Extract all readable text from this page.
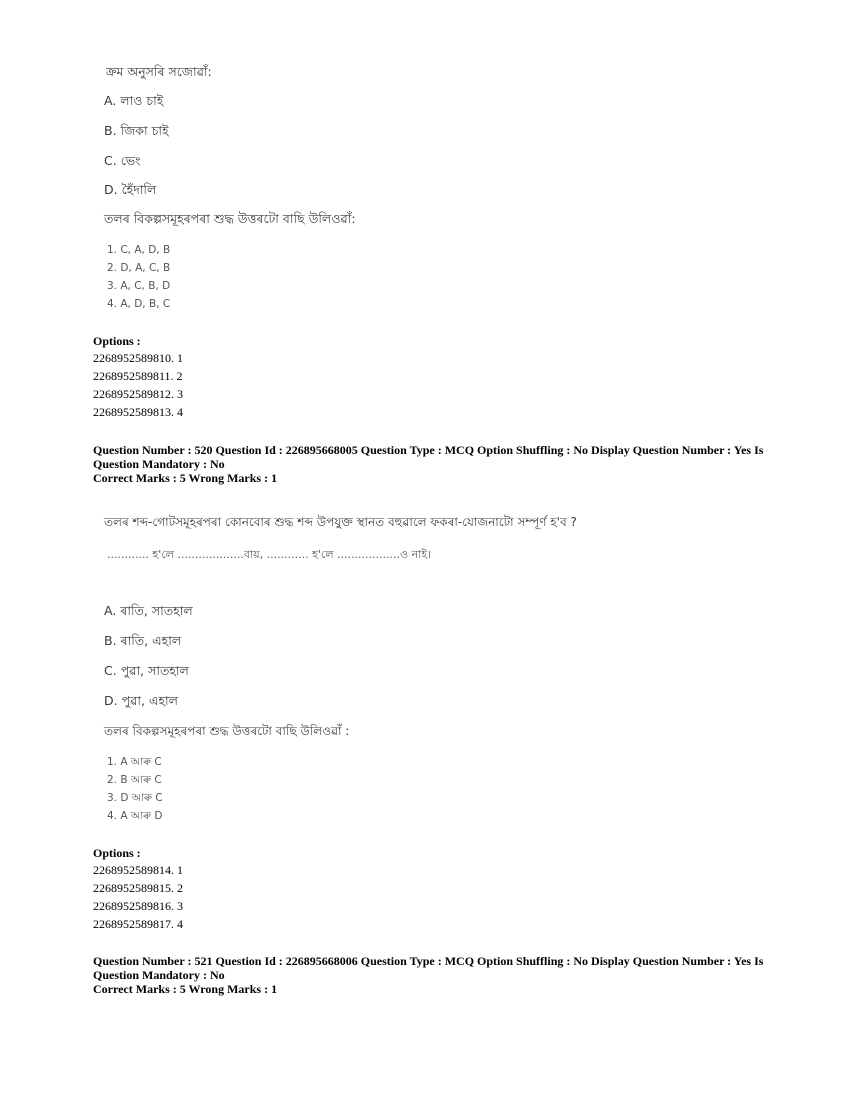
ক্ৰম অনুসৰি সজোৱাঁ:
A. লাও চাই
B. জিকা চাই
C. ভেং
D. হৈঁদালি
তলৰ বিকল্পসমূহৰপৰা শুদ্ধ উত্তৰটো বাছি উলিওৱাঁ:
1. C, A, D, B
2. D, A, C, B
3. A, C, B, D
4. A, D, B, C
Options :
2268952589810. 1
2268952589811. 2
2268952589812. 3
2268952589813. 4
Question Number : 520 Question Id : 226895668005 Question Type : MCQ Option Shuffling : No Display Question Number : Yes Is
Question Mandatory : No
Correct Marks : 5 Wrong Marks : 1
তলৰ শব্দ-গোটসমূহৰপৰা কোনবোৰ শুদ্ধ শব্দ উপযুক্ত স্থানত বহুৱালে ফকৰা-যোজনাটো সম্পূৰ্ণ হ'ব ?
............ হ'লে ...................বায়, ............ হ'লে ..................ও নাই।
A. ৰাতি, সাতহাল
B. ৰাতি, এহাল
C. পুৱা, সাতহাল
D. পুৱা, এহাল
তলৰ বিকল্পসমূহৰপৰা শুদ্ধ উত্তৰটো বাছি উলিওৱাঁ :
1. A আৰু C
2. B আৰু C
3. D আৰু C
4. A আৰু D
Options :
2268952589814. 1
2268952589815. 2
2268952589816. 3
2268952589817. 4
Question Number : 521 Question Id : 226895668006 Question Type : MCQ Option Shuffling : No Display Question Number : Yes Is
Question Mandatory : No
Correct Marks : 5 Wrong Marks : 1
